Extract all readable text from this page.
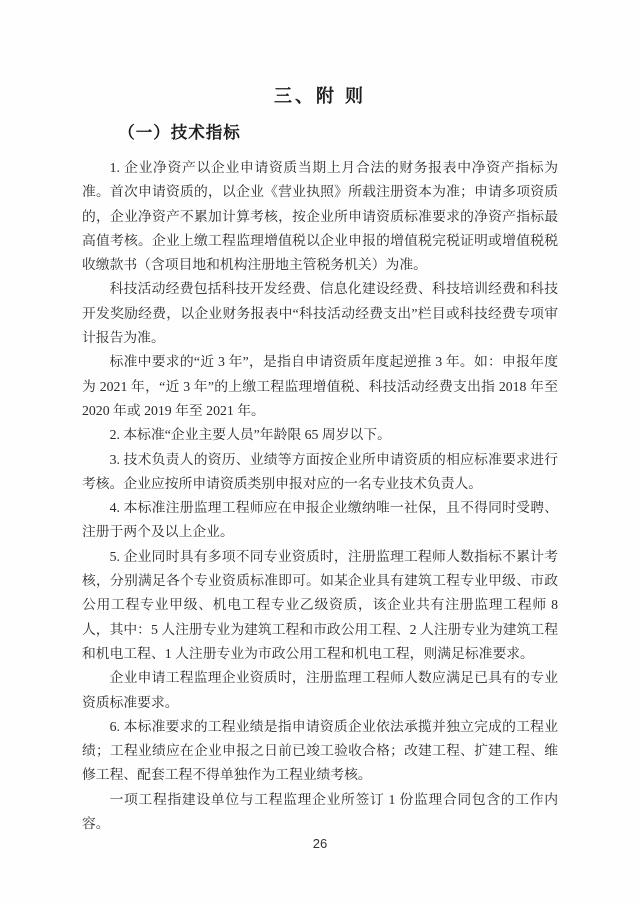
三、附 则
（一）技术指标

1. 企业净资产以企业申请资质当期上月合法的财务报表中净资产指标为准。首次申请资质的，以企业《营业执照》所载注册资本为准；申请多项资质的，企业净资产不累加计算考核，按企业所申请资质标准要求的净资产指标最高值考核。企业上缴工程监理增值税以企业申报的增值税完税证明或增值税税收缴款书（含项目地和机构注册地主管税务机关）为准。

科技活动经费包括科技开发经费、信息化建设经费、科技培训经费和科技开发奖励经费，以企业财务报表中“科技活动经费支出”栏目或科技经费专项审计报告为准。

标准中要求的“近 3 年”，是指自申请资质年度起逆推 3 年。如：申报年度为 2021 年，“近 3 年”的上缴工程监理增值税、科技活动经费支出指 2018 年至 2020 年或 2019 年至 2021 年。

2. 本标准“企业主要人员”年龄限 65 周岁以下。

3. 技术负责人的资历、业绩等方面按企业所申请资质的相应标准要求进行考核。企业应按所申请资质类别申报对应的一名专业技术负责人。

4. 本标准注册监理工程师应在申报企业缴纳唯一社保，且不得同时受聘、注册于两个及以上企业。

5. 企业同时具有多项不同专业资质时，注册监理工程师人数指标不累计考核，分别满足各个专业资质标准即可。如某企业具有建筑工程专业甲级、市政公用工程专业甲级、机电工程专业乙级资质，该企业共有注册监理工程师 8 人，其中：5 人注册专业为建筑工程和市政公用工程、2 人注册专业为建筑工程和机电工程、1 人注册专业为市政公用工程和机电工程，则满足标准要求。

企业申请工程监理企业资质时，注册监理工程师人数应满足已具有的专业资质标准要求。

6. 本标准要求的工程业绩是指申请资质企业依法承揽并独立完成的工程业绩；工程业绩应在企业申报之日前已竣工验收合格；改建工程、扩建工程、维修工程、配套工程不得单独作为工程业绩考核。

一项工程指建设单位与工程监理企业所签订 1 份监理合同包含的工作内容。

26
